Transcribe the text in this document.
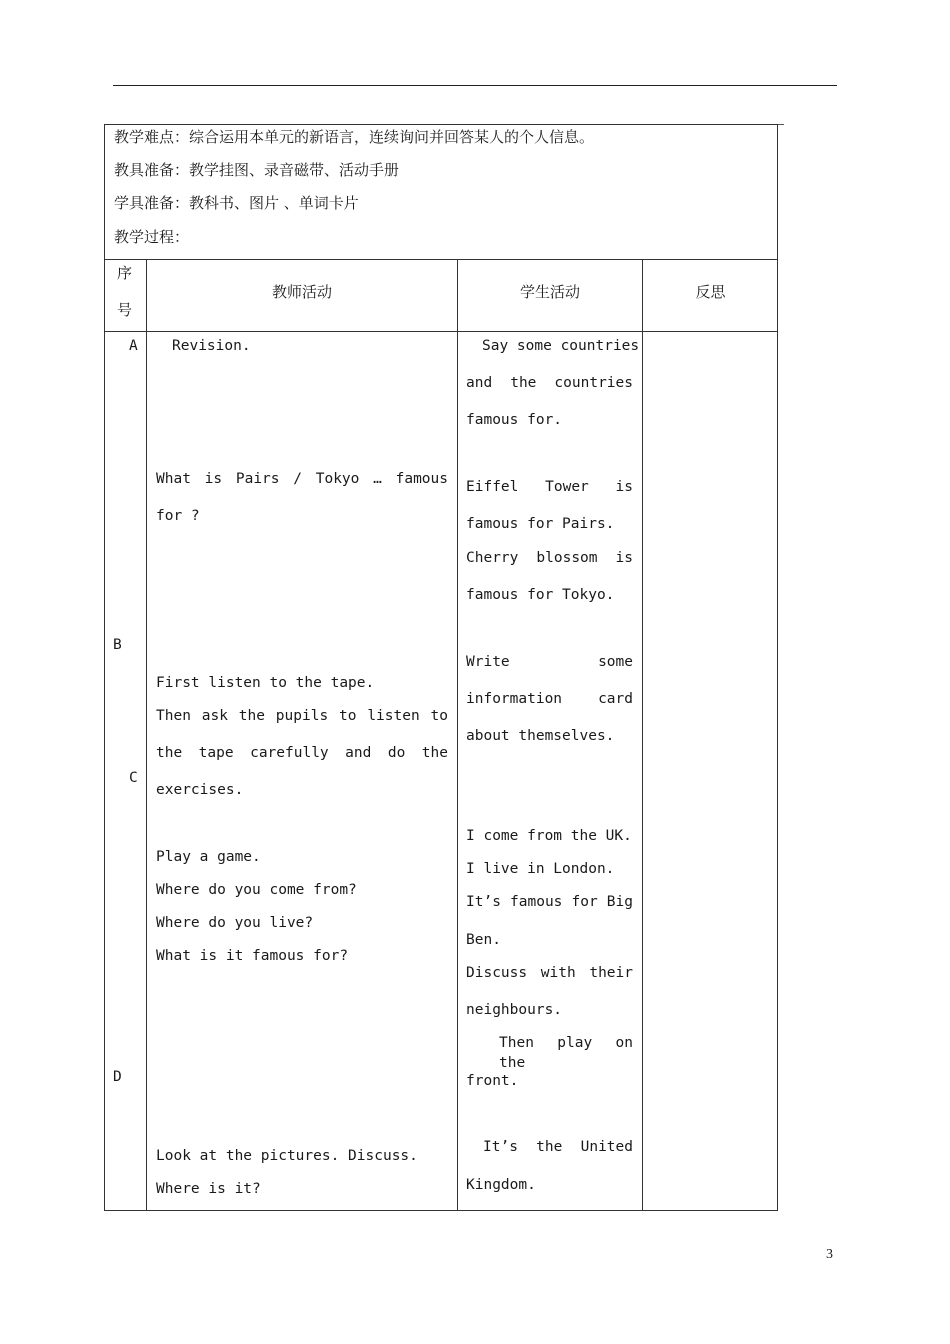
教学难点：综合运用本单元的新语言，连续询问并回答某人的个人信息。
教具准备：教学挂图、录音磁带、活动手册
学具准备：教科书、图片 、单词卡片
教学过程：
序
号
教师活动	学生活动	反思
A
B
C
D
Revision.
What is Pairs / Tokyo … famous
for ?
First listen to the tape.
Then ask the pupils to listen to
the tape carefully and do the
exercises.
Play a game.
Where do you come from?
Where do you live?
What is it famous for?
Look at the pictures. Discuss.
Where is it?
Say some countries
and the countries
famous for.
Eiffel Tower is
famous for Pairs.
Cherry blossom is
famous for Tokyo.
Write some
information card
about themselves.
I come from the UK.
I live in London.
It’s famous for Big
Ben.
Discuss with their
neighbours.
Then play on the
front.
It’s the United
Kingdom.
3
